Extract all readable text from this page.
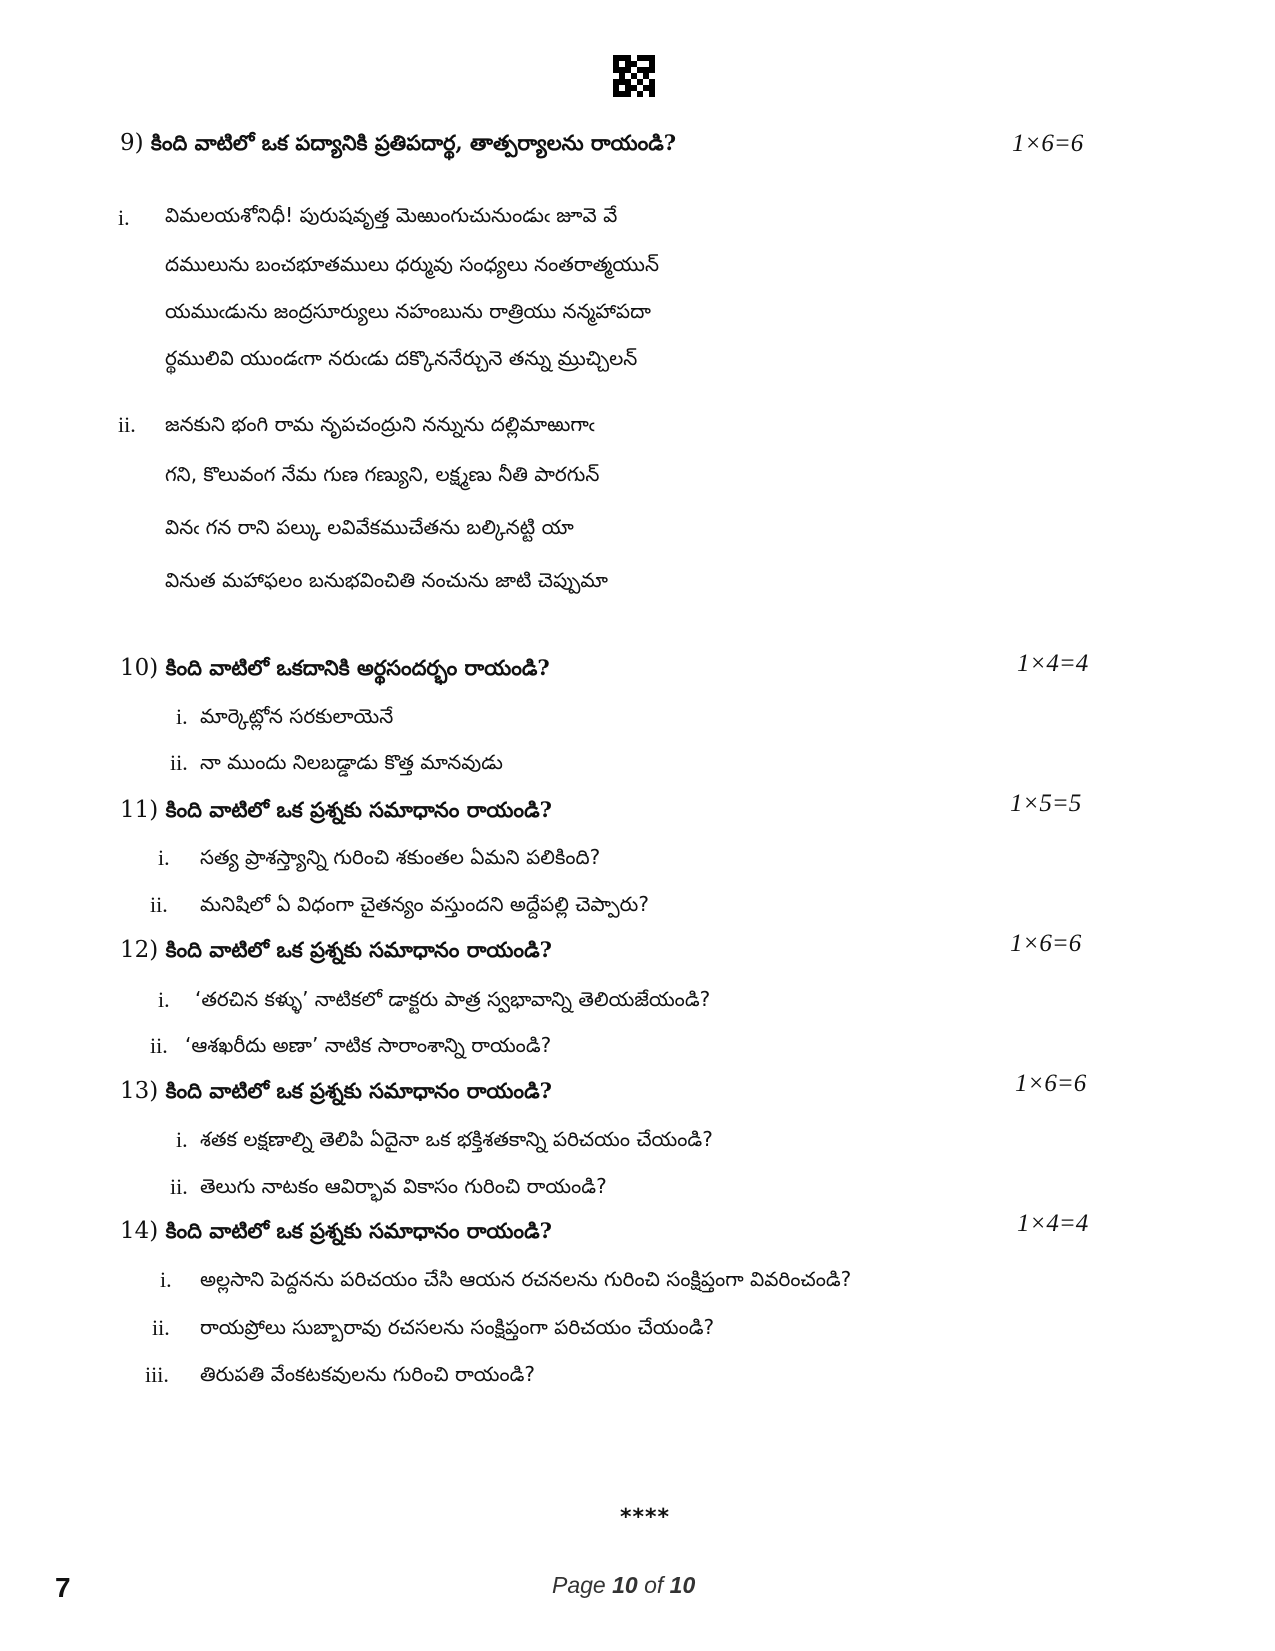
9) కింది వాటిలో ఒక పద్యానికి ప్రతిపదార్థ, తాత్పర్యాలను రాయండి?	1×6=6
i. విమలయశోనిధీ! పురుషవృత్త మెఱుంగుచునుండుఁ జూవె వే
దములును బంచభూతములు ధర్మువు సంధ్యలు నంతరాత్మయున్
యముఁడును జంద్రసూర్యులు నహంబును రాత్రియు నన్మహాపదా
ర్థములివి యుండఁగా నరుఁడు దక్కొననేర్చునె తన్ను మ్రుచ్చిలన్
ii. జనకుని భంగి రామ నృపచంద్రుని నన్నును దల్లిమాఱుగాఁ
గని, కొలువంగ నేమ గుణ గణ్యుని, లక్ష్మణు నీతి పారగున్
వినఁ గన రాని పల్కు లవివేకముచేతను బల్కినట్టి యా
వినుత మహాఫలం బనుభవించితి నంచును జాటి చెప్పుమా
10) కింది వాటిలో ఒకదానికి అర్థసందర్భం రాయండి?	1×4=4
i. మార్కెట్లోన సరకులాయెనే
ii. నా ముందు నిలబడ్డాడు కొత్త మానవుడు
11) కింది వాటిలో ఒక ప్రశ్నకు సమాధానం రాయండి?	1×5=5
i. సత్య ప్రాశస్త్యాన్ని గురించి శకుంతల ఏమని పలికింది?
ii. మనిషిలో ఏ విధంగా చైతన్యం వస్తుందని అద్దేపల్లి చెప్పారు?
12) కింది వాటిలో ఒక ప్రశ్నకు సమాధానం రాయండి?	1×6=6
i. ‘తరచిన కళ్ళు’ నాటికలో డాక్టరు పాత్ర స్వభావాన్ని తెలియజేయండి?
ii. ‘ఆశఖరీదు అణా’ నాటిక సారాంశాన్ని రాయండి?
13) కింది వాటిలో ఒక ప్రశ్నకు సమాధానం రాయండి?	1×6=6
i. శతక లక్షణాల్ని తెలిపి ఏదైనా ఒక భక్తిశతకాన్ని పరిచయం చేయండి?
ii. తెలుగు నాటకం ఆవిర్భావ వికాసం గురించి రాయండి?
14) కింది వాటిలో ఒక ప్రశ్నకు సమాధానం రాయండి?	1×4=4
i. అల్లసాని పెద్దనను పరిచయం చేసి ఆయన రచనలను గురించి సంక్షిప్తంగా వివరించండి?
ii. రాయప్రోలు సుబ్బారావు రచసలను సంక్షిప్తంగా పరిచయం చేయండి?
iii. తిరుపతి వేంకటకవులను గురించి రాయండి?
****
7	Page 10 of 10
